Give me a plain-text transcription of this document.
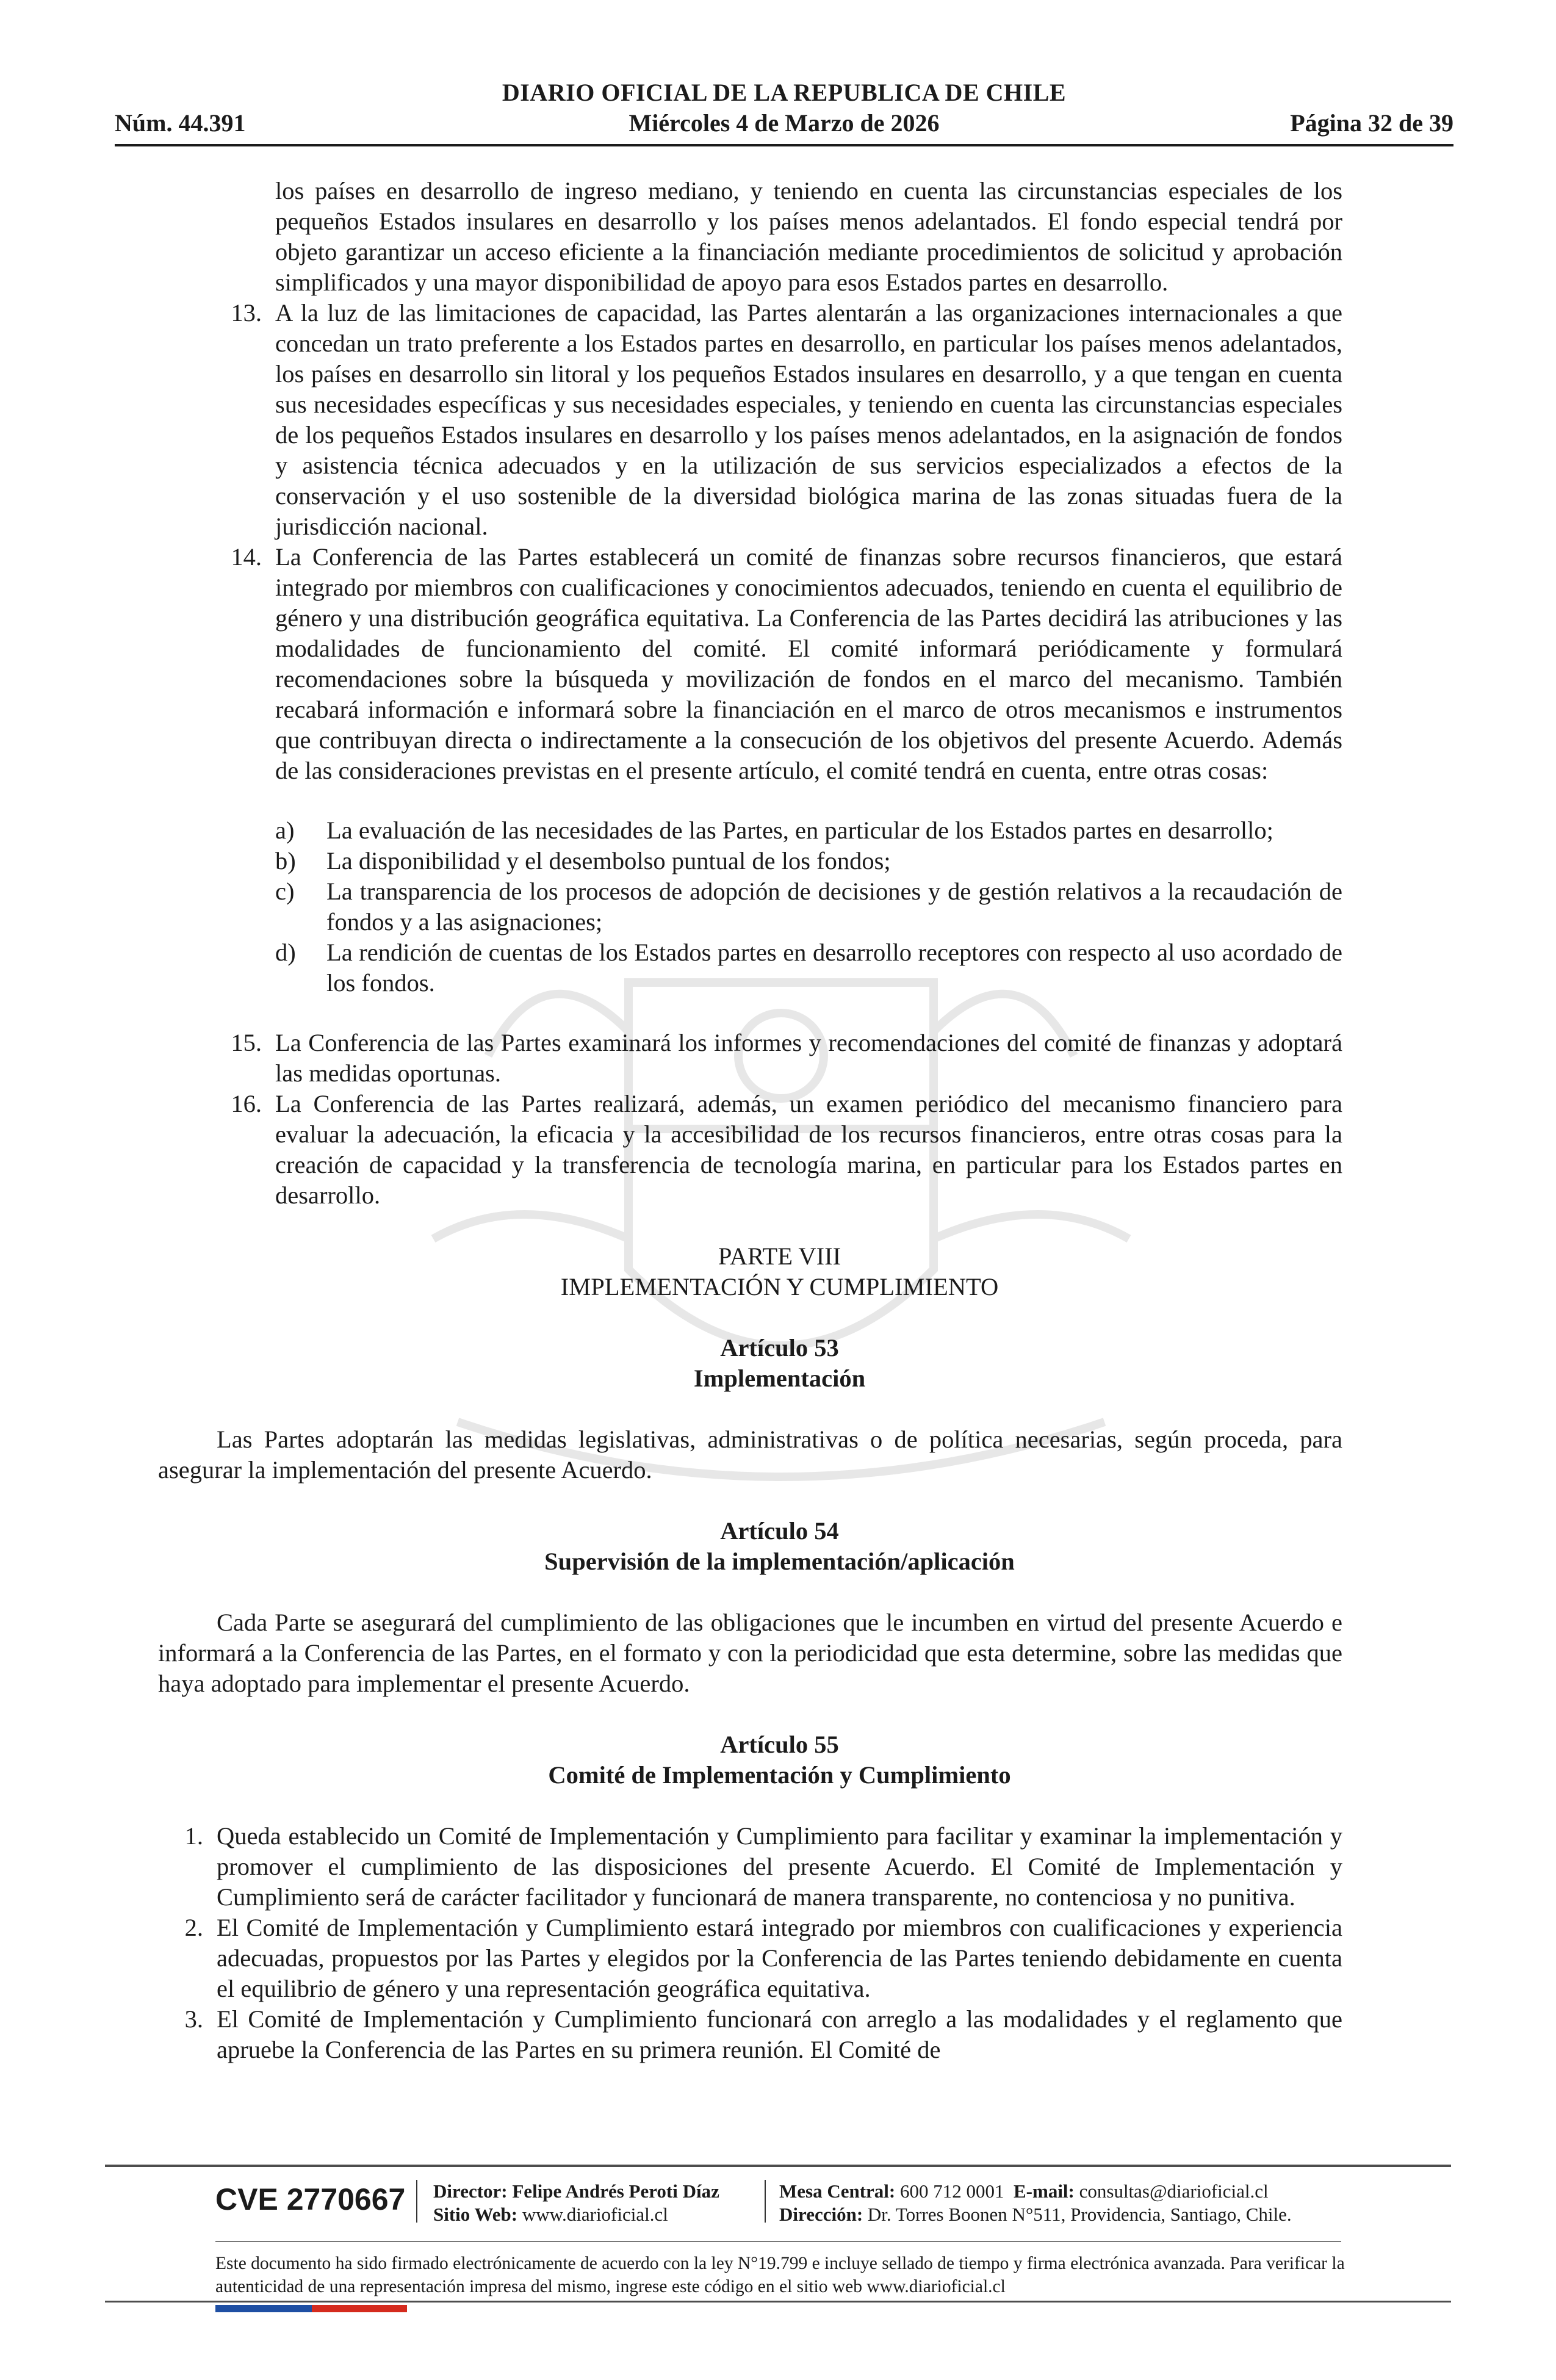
DIARIO OFICIAL DE LA REPUBLICA DE CHILE
Núm. 44.391	Miércoles 4 de Marzo de 2026	Página 32 de 39

los países en desarrollo de ingreso mediano, y teniendo en cuenta las circunstancias especiales de los pequeños Estados insulares en desarrollo y los países menos adelantados. El fondo especial tendrá por objeto garantizar un acceso eficiente a la financiación mediante procedimientos de solicitud y aprobación simplificados y una mayor disponibilidad de apoyo para esos Estados partes en desarrollo.

13. A la luz de las limitaciones de capacidad, las Partes alentarán a las organizaciones internacionales a que concedan un trato preferente a los Estados partes en desarrollo, en particular los países menos adelantados, los países en desarrollo sin litoral y los pequeños Estados insulares en desarrollo, y a que tengan en cuenta sus necesidades específicas y sus necesidades especiales, y teniendo en cuenta las circunstancias especiales de los pequeños Estados insulares en desarrollo y los países menos adelantados, en la asignación de fondos y asistencia técnica adecuados y en la utilización de sus servicios especializados a efectos de la conservación y el uso sostenible de la diversidad biológica marina de las zonas situadas fuera de la jurisdicción nacional.

14. La Conferencia de las Partes establecerá un comité de finanzas sobre recursos financieros, que estará integrado por miembros con cualificaciones y conocimientos adecuados, teniendo en cuenta el equilibrio de género y una distribución geográfica equitativa. La Conferencia de las Partes decidirá las atribuciones y las modalidades de funcionamiento del comité. El comité informará periódicamente y formulará recomendaciones sobre la búsqueda y movilización de fondos en el marco del mecanismo. También recabará información e informará sobre la financiación en el marco de otros mecanismos e instrumentos que contribuyan directa o indirectamente a la consecución de los objetivos del presente Acuerdo. Además de las consideraciones previstas en el presente artículo, el comité tendrá en cuenta, entre otras cosas:

a) La evaluación de las necesidades de las Partes, en particular de los Estados partes en desarrollo;

b) La disponibilidad y el desembolso puntual de los fondos;

c) La transparencia de los procesos de adopción de decisiones y de gestión relativos a la recaudación de fondos y a las asignaciones;

d) La rendición de cuentas de los Estados partes en desarrollo receptores con respecto al uso acordado de los fondos.

15. La Conferencia de las Partes examinará los informes y recomendaciones del comité de finanzas y adoptará las medidas oportunas.

16. La Conferencia de las Partes realizará, además, un examen periódico del mecanismo financiero para evaluar la adecuación, la eficacia y la accesibilidad de los recursos financieros, entre otras cosas para la creación de capacidad y la transferencia de tecnología marina, en particular para los Estados partes en desarrollo.

PARTE VIII

IMPLEMENTACIÓN Y CUMPLIMIENTO

Artículo 53

Implementación

Las Partes adoptarán las medidas legislativas, administrativas o de política necesarias, según proceda, para asegurar la implementación del presente Acuerdo.

Artículo 54

Supervisión de la implementación/aplicación

Cada Parte se asegurará del cumplimiento de las obligaciones que le incumben en virtud del presente Acuerdo e informará a la Conferencia de las Partes, en el formato y con la periodicidad que esta determine, sobre las medidas que haya adoptado para implementar el presente Acuerdo.

Artículo 55

Comité de Implementación y Cumplimiento

1. Queda establecido un Comité de Implementación y Cumplimiento para facilitar y examinar la implementación y promover el cumplimiento de las disposiciones del presente Acuerdo. El Comité de Implementación y Cumplimiento será de carácter facilitador y funcionará de manera transparente, no contenciosa y no punitiva.

2. El Comité de Implementación y Cumplimiento estará integrado por miembros con cualificaciones y experiencia adecuadas, propuestos por las Partes y elegidos por la Conferencia de las Partes teniendo debidamente en cuenta el equilibrio de género y una representación geográfica equitativa.

3. El Comité de Implementación y Cumplimiento funcionará con arreglo a las modalidades y el reglamento que apruebe la Conferencia de las Partes en su primera reunión. El Comité de

CVE 2770667 Director: Felipe Andrés Peroti Díaz
Sitio Web: www.diarioficial.cl
Mesa Central: 600 712 0001 E-mail: consultas@diarioficial.cl
Dirección: Dr. Torres Boonen N°511, Providencia, Santiago, Chile.
Este documento ha sido firmado electrónicamente de acuerdo con la ley N°19.799 e incluye sellado de tiempo y firma electrónica avanzada. Para verificar la autenticidad de una representación impresa del mismo, ingrese este código en el sitio web www.diarioficial.cl
